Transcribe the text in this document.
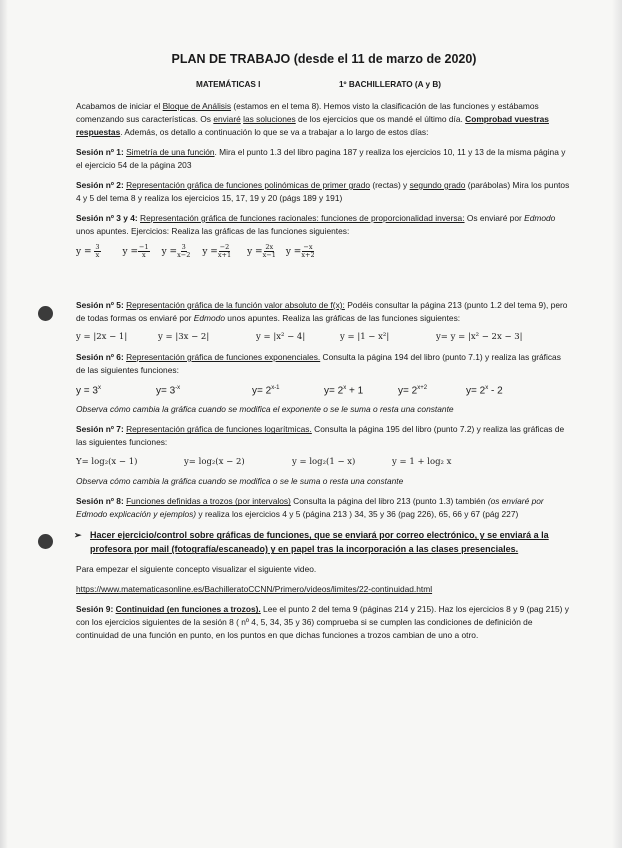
PLAN DE TRABAJO (desde el 11 de marzo de 2020)
MATEMÁTICAS I	1º BACHILLERATO (A y B)

Acabamos de iniciar el Bloque de Análisis (estamos en el tema 8). Hemos visto la clasificación de las funciones y estábamos comenzando sus características. Os enviaré las soluciones de los ejercicios que os mandé el último día. Comprobad vuestras respuestas. Además, os detallo a continuación lo que se va a trabajar a lo largo de estos días:

Sesión nº 1: Simetría de una función. Mira el punto 1.3 del libro pagina 187 y realiza los ejercicios 10, 11 y 13 de la misma página y el ejercicio 54 de la página 203

Sesión nº 2: Representación gráfica de funciones polinómicas de primer grado (rectas) y segundo grado (parábolas) Mira los puntos 4 y 5 del tema 8 y realiza los ejercicios 15, 17, 19 y 20 (págs 189 y 191)

Sesión nº 3 y 4: Representación gráfica de funciones racionales: funciones de proporcionalidad inversa: Os enviaré por Edmodo unos apuntes. Ejercicios: Realiza las gráficas de las funciones siguientes:

$y = \frac{3}{x}$ $y = \frac{-1}{x}$ $y = \frac{3}{x-2}$ $y = \frac{-2}{x+1}$ $y = \frac{2x}{x-1}$ $y = \frac{-x}{x+2}$

Sesión nº 5: Representación gráfica de la función valor absoluto de f(x): Podéis consultar la página 213 (punto 1.2 del tema 9), pero de todas formas os enviaré por Edmodo unos apuntes. Realiza las gráficas de las funciones siguientes:

y = |2x − 1|	y = |3x − 2|	y = |x² − 4|	y = |1 − x²|	y= y = |x² − 2x − 3|

Sesión nº 6: Representación gráfica de funciones exponenciales. Consulta la página 194 del libro (punto 7.1) y realiza las gráficas de las siguientes funciones:

$y = 3^x$	$y= 3^{-x}$	$y= 2^{x-1}$	$y= 2^x + 1$	$y= 2^{x+2}$	$y= 2^x - 2$

Observa cómo cambia la gráfica cuando se modifica el exponente o se le suma o resta una constante

Sesión nº 7: Representación gráfica de funciones logarítmicas. Consulta la página 195 del libro (punto 7.2) y realiza las gráficas de las siguientes funciones:

Y= log₂(x − 1)	y= log₂(x − 2)	y = log₂(1 − x)	y = 1 + log₂ x

Observa cómo cambia la gráfica cuando se modifica o se le suma o resta una constante

Sesión nº 8: Funciones definidas a trozos (por intervalos) Consulta la página del libro 213 (punto 1.3) también (os enviaré por Edmodo explicación y ejemplos) y realiza los ejercicios 4 y 5 (página 213 ) 34, 35 y 36 (pag 226), 65, 66 y 67 (pág 227)

➢ Hacer ejercicio/control sobre gráficas de funciones, que se enviará por correo electrónico, y se enviará a la profesora por mail (fotografía/escaneado) y en papel tras la incorporación a las clases presenciales.

Para empezar el siguiente concepto visualizar el siguiente video.

https://www.matematicasonline.es/BachilleratoCCNN/Primero/videos/limites/22-continuidad.html

Sesión 9: Continuidad (en funciones a trozos). Lee el punto 2 del tema 9 (páginas 214 y 215). Haz los ejercicios 8 y 9 (pag 215) y con los ejercicios siguientes de la sesión 8 ( nº 4, 5, 34, 35 y 36) comprueba si se cumplen las condiciones de definición de continuidad de una función en punto, en los puntos en que dichas funciones a trozos cambian de uno a otro.
